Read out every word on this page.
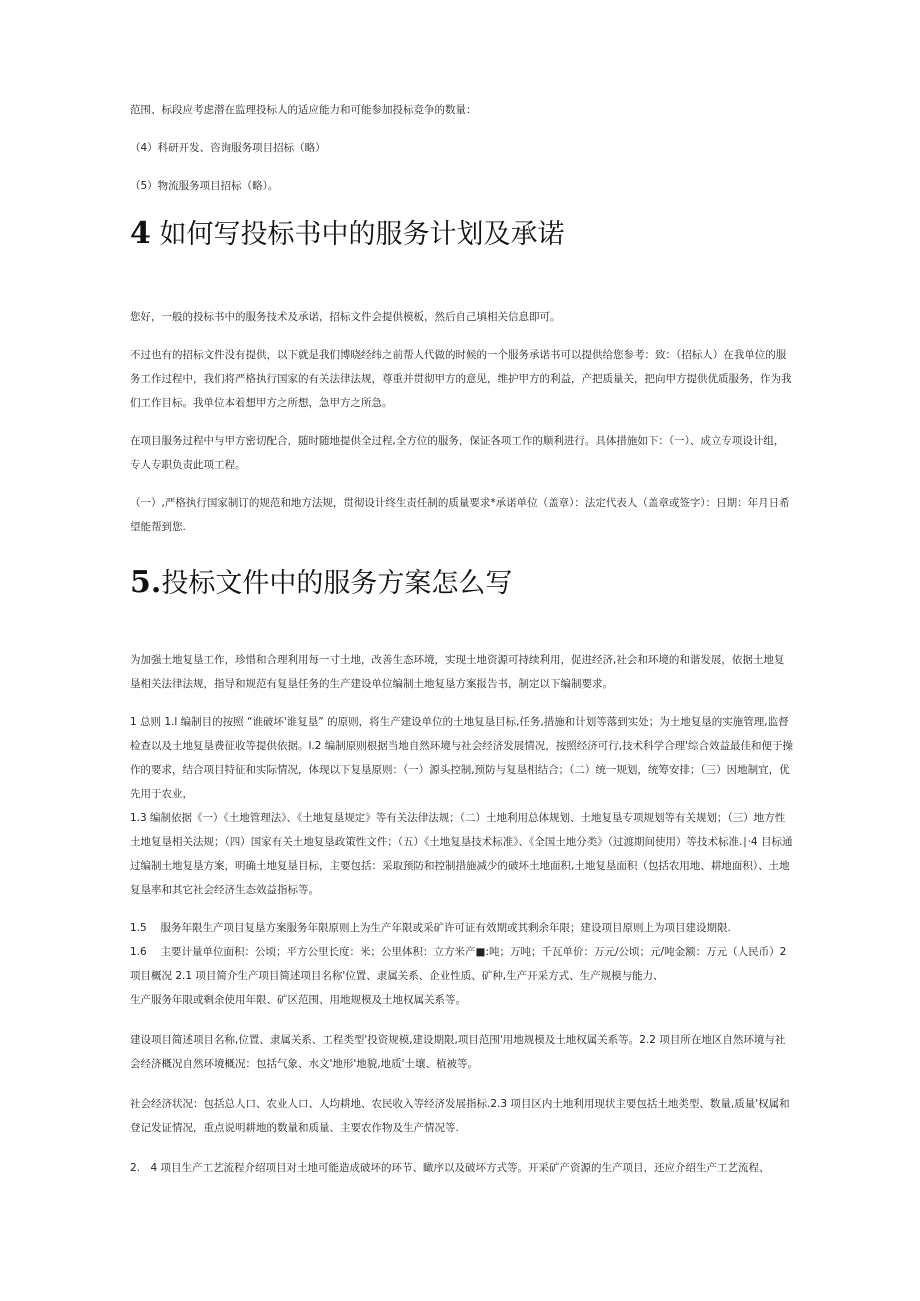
范围、标段应考虑潜在监理投标人的适应能力和可能参加投标竞争的数量：

（4）科研开发、咨询服务项目招标（略）

（5）物流服务项目招标（略）。

4 如何写投标书中的服务计划及承诺

您好，一般的投标书中的服务技术及承诺，招标文件会提供模板，然后自己填相关信息即可。

不过也有的招标文件没有提供，以下就是我们博晓经纬之前帮人代做的时候的一个服务承诺书可以提供给您参考：致：（招标人）在我单位的服务工作过程中，我们将严格执行国家的有关法律法规，尊重并贯彻甲方的意见，维护甲方的利益，产把质量关，把向甲方提供优质服务，作为我们工作目标。我单位本着想甲方之所想，急甲方之所急。

在项目服务过程中与甲方密切配合，随时随地提供全过程,全方位的服务，保证各项工作的顺利进行。具体措施如下：（一）、成立专项设计组，专人专职负责此项工程。

（一）,严格执行国家制订的规范和地方法规，贯彻设计终生责任制的质量要求*承诺单位（盖章）：法定代表人（盖章或签字）：日期：年月日希望能帮到您.

5.投标文件中的服务方案怎么写

为加强土地复垦工作，珍惜和合理利用每一寸土地，改善生态环境，实现土地资源可持续利用，促进经济,社会和环境的和谐发展，依据土地复垦相关法律法规，指导和规范有复垦任务的生产建设单位编制土地复垦方案报告书，制定以下编制要求。

1 总则 1.l 编制目的按照 “谁破坏'谁复垦” 的原则，将生产建设单位的土地复垦目标,任务,措施和计划等落到实处；为土地复垦的实施管理,监督检查以及土地复垦费征收等提供依据。l.2 编制原则根据当地自然环境与社会经济发展情况，按照经济可行,技术科学合理'综合效益最佳和便于操作的要求，结合项目特征和实际情况，体现以下复垦原则：（一）源头控制,预防与复垦相结合；（二）统一规划，统筹安排；（三）因地制宜，优先用于农业，

1.3 编制依据《一）《土地管理法》、《土地复垦规定》等有关法律法规；（二）土地利用总体规划、土地复垦专项规划等有关规划；（三）地方性土地复垦相关法规；（四）国家有关土地复垦政策性文件；（五）《土地复垦技术标准》、《全国土地分类》（过渡期间使用）等技术标准.∣·4 目标通过编制土地复垦方案，明确土地复垦目标，主要包括：采取预防和控制措施减少的破坏土地面积,土地复垦面积（包括农用地、耕地面积）、土地复垦率和其它社会经济生态效益指标等。

1.5　 服务年限生产项目复垦方案服务年限原则上为生产年限或采矿许可证有效期或其剩余年限；建设项目原则上为项目建设期限.

1.6　 主要计量单位面积：公顷；平方公里长度：米；公里体积：立方米产■:吨；万吨；千瓦单价：万元/公顷；元/吨金额：万元（人民币）2 项目概况 2.1 项目简介生产项目简述项目名称'位置、隶属关系、企业性质、矿种,生产开采方式、生产规模与能力、

生产服务年限或剩余使用年限、矿区范围、用地规模及土地权属关系等。

建设项目简述项目名称,位置、隶属关系、工程类型'投资规模,建设期限,项目范围'用地规模及土地权属关系等。2.2 项目所在地区自然环境与社会经济概况自然环境概况：包括气象、水文'地形'地貌,地质'土壤、植被等。

社会经济状况：包括总人口、农业人口、人均耕地、农民收入等经济发展指标.2.3 项目区内土地利用现状主要包括土地类型、数量,质量'权属和登记发证情况，重点说明耕地的数量和质量、主要农作物及生产情况等.

2.　4 项目生产工艺流程介绍项目对土地可能造成破坏的环节、瞰序以及破坏方式等。开采矿产资源的生产项目，还应介绍生产工艺流程、
